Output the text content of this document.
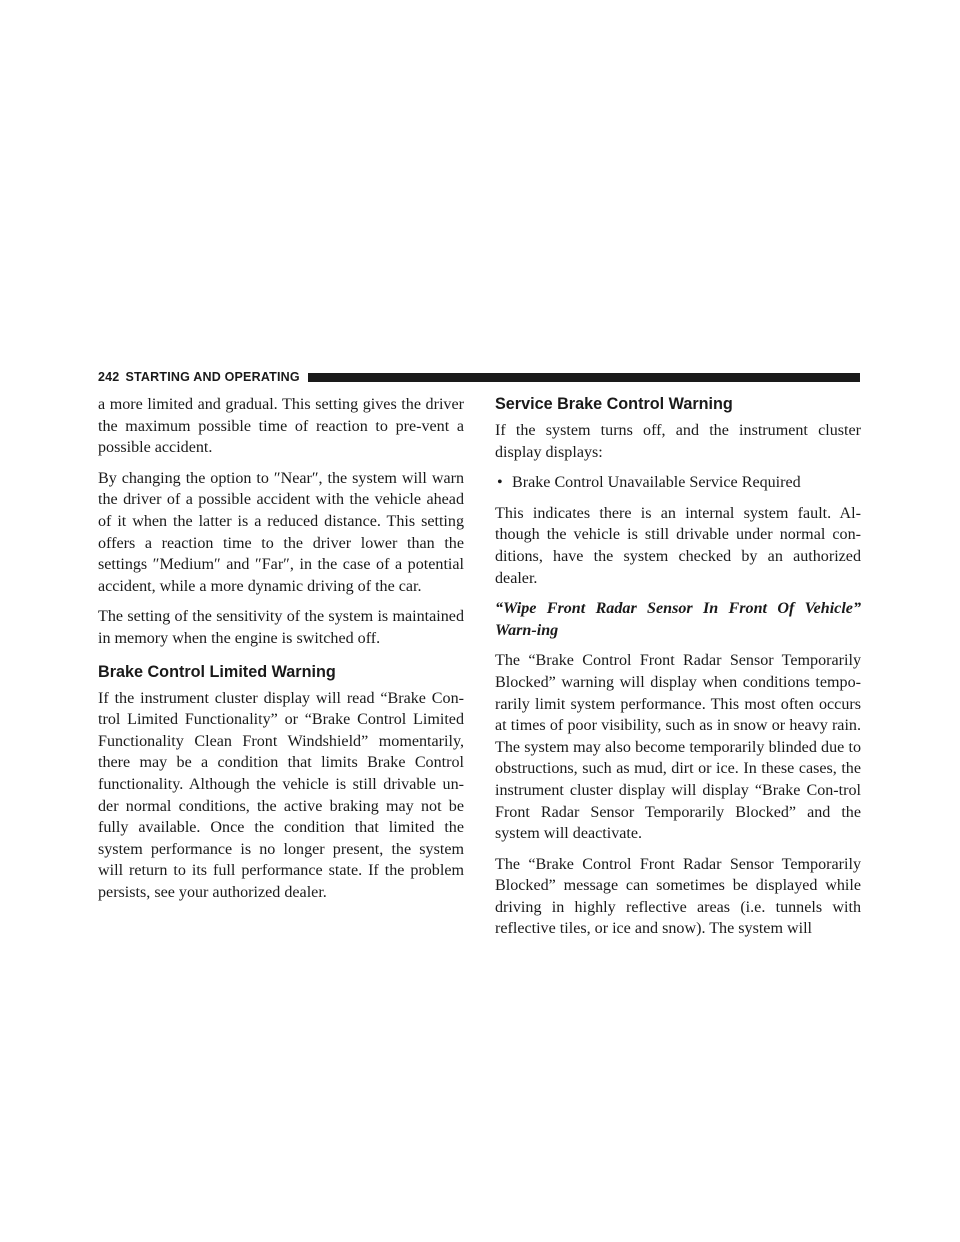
242 STARTING AND OPERATING

a more limited and gradual. This setting gives the driver the maximum possible time of reaction to pre-vent a possible accident.

By changing the option to ″Near″, the system will warn the driver of a possible accident with the vehicle ahead of it when the latter is a reduced distance. This setting offers a reaction time to the driver lower than the settings ″Medium″ and ″Far″, in the case of a potential accident, while a more dynamic driving of the car.

The setting of the sensitivity of the system is maintained in memory when the engine is switched off.

Brake Control Limited Warning

If the instrument cluster display will read “Brake Con-trol Limited Functionality” or “Brake Control Limited Functionality Clean Front Windshield” momentarily, there may be a condition that limits Brake Control functionality. Although the vehicle is still drivable un-der normal conditions, the active braking may not be fully available. Once the condition that limited the system performance is no longer present, the system will return to its full performance state. If the problem persists, see your authorized dealer.

Service Brake Control Warning

If the system turns off, and the instrument cluster display displays:

• Brake Control Unavailable Service Required

This indicates there is an internal system fault. Al-though the vehicle is still drivable under normal con-ditions, have the system checked by an authorized dealer.

“Wipe Front Radar Sensor In Front Of Vehicle” Warn-ing

The “Brake Control Front Radar Sensor Temporarily Blocked” warning will display when conditions tempo-rarily limit system performance. This most often occurs at times of poor visibility, such as in snow or heavy rain. The system may also become temporarily blinded due to obstructions, such as mud, dirt or ice. In these cases, the instrument cluster display will display “Brake Con-trol Front Radar Sensor Temporarily Blocked” and the system will deactivate.

The “Brake Control Front Radar Sensor Temporarily Blocked” message can sometimes be displayed while driving in highly reflective areas (i.e. tunnels with reflective tiles, or ice and snow). The system will
